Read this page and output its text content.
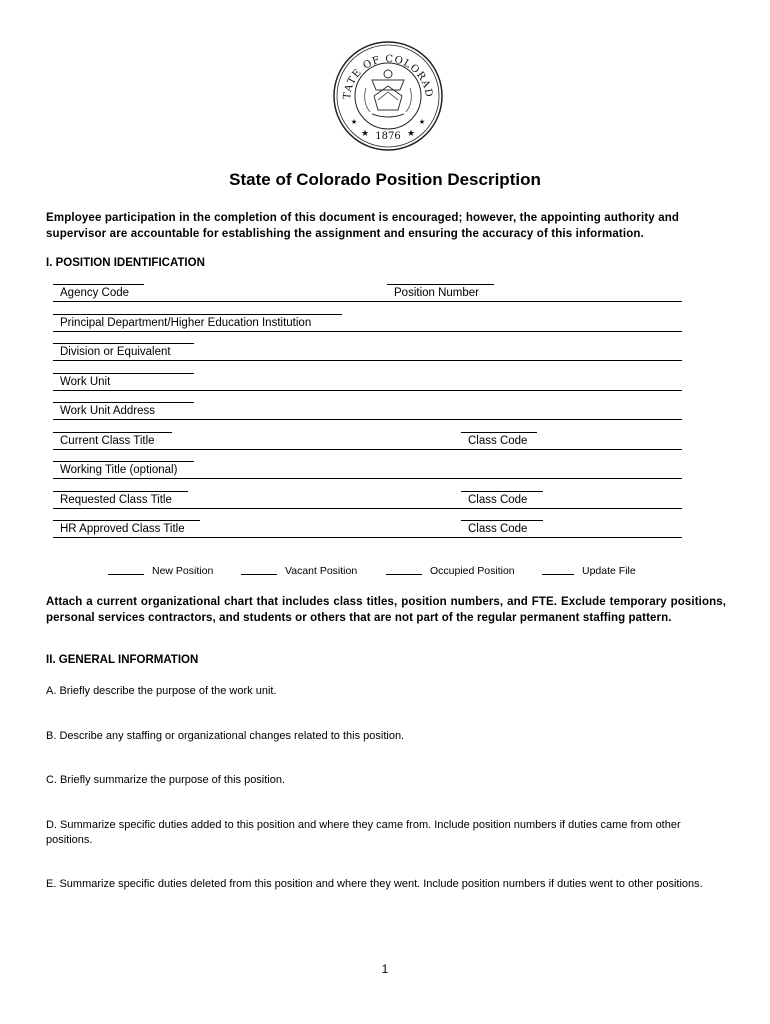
TATE OF COLORAD
1876
★	★
★	★
State of Colorado Position Description
Employee participation in the completion of this document is encouraged; however, the appointing authority and supervisor are accountable for establishing the assignment and ensuring the accuracy of this information.
I. POSITION IDENTIFICATION
Agency Code	Position Number
Principal Department/Higher Education Institution
Division or Equivalent
Work Unit
Work Unit Address
Current Class Title	Class Code
Working Title (optional)
Requested Class Title	Class Code
HR Approved Class Title	Class Code
New Position	Vacant Position	Occupied Position	Update File
Attach a current organizational chart that includes class titles, position numbers, and FTE. Exclude temporary positions, personal services contractors, and students or others that are not part of the regular permanent staffing pattern.
II. GENERAL INFORMATION
A. Briefly describe the purpose of the work unit.
B. Describe any staffing or organizational changes related to this position.
C. Briefly summarize the purpose of this position.
D. Summarize specific duties added to this position and where they came from. Include position numbers if duties came from other positions.
E. Summarize specific duties deleted from this position and where they went. Include position numbers if duties went to other positions.
1
